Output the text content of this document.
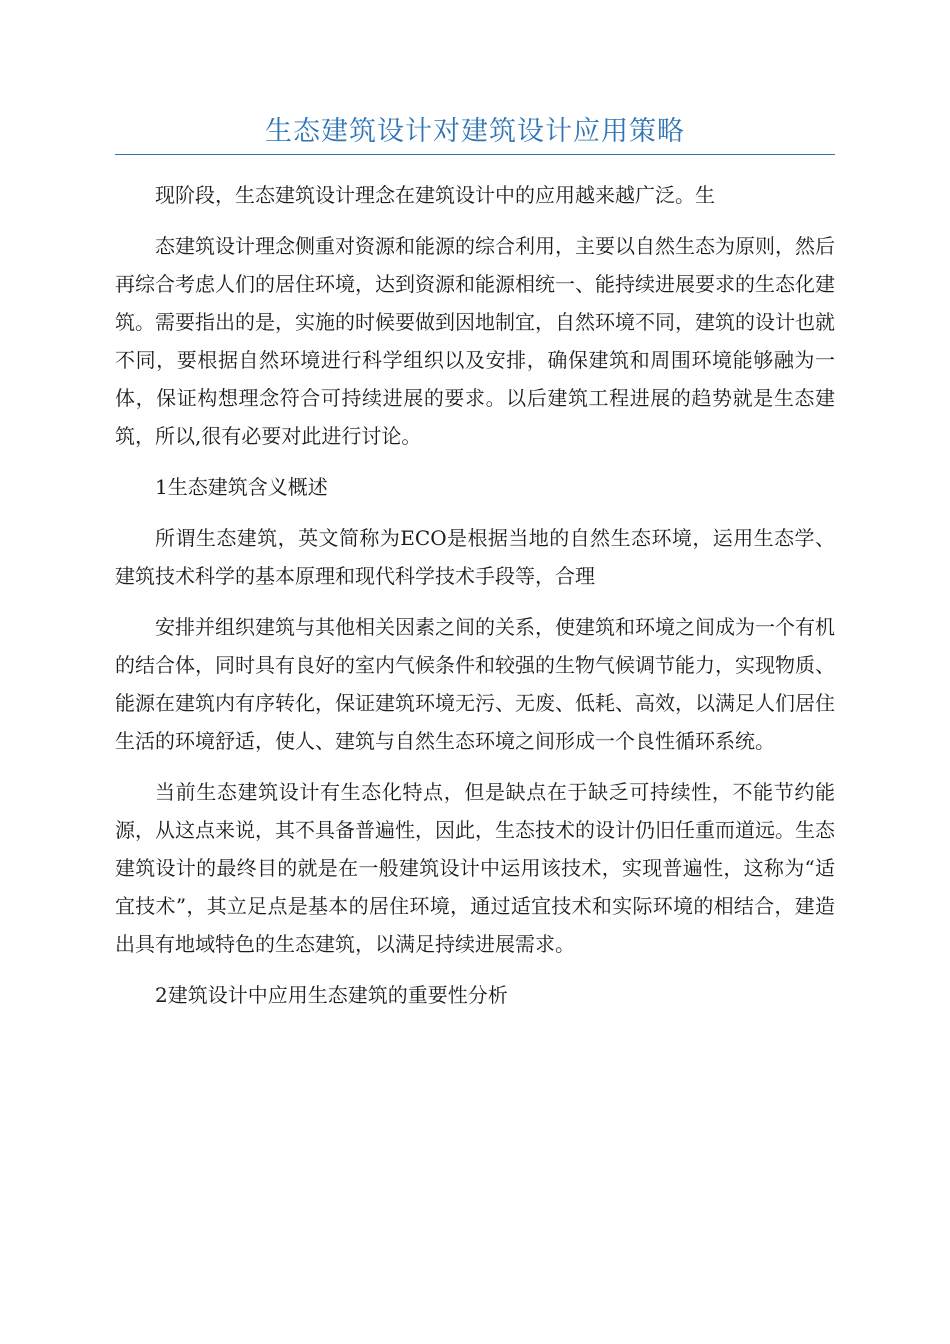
生态建筑设计对建筑设计应用策略

现阶段，生态建筑设计理念在建筑设计中的应用越来越广泛。生

态建筑设计理念侧重对资源和能源的综合利用，主要以自然生态为原则，然后再综合考虑人们的居住环境，达到资源和能源相统一、能持续进展要求的生态化建筑。需要指出的是，实施的时候要做到因地制宜，自然环境不同，建筑的设计也就不同，要根据自然环境进行科学组织以及安排，确保建筑和周围环境能够融为一体，保证构想理念符合可持续进展的要求。以后建筑工程进展的趋势就是生态建筑，所以,很有必要对此进行讨论。

1生态建筑含义概述

所谓生态建筑，英文简称为ECO是根据当地的自然生态环境，运用生态学、建筑技术科学的基本原理和现代科学技术手段等，合理

安排并组织建筑与其他相关因素之间的关系，使建筑和环境之间成为一个有机的结合体，同时具有良好的室内气候条件和较强的生物气候调节能力，实现物质、能源在建筑内有序转化，保证建筑环境无污、无废、低耗、高效，以满足人们居住生活的环境舒适，使人、建筑与自然生态环境之间形成一个良性循环系统。

当前生态建筑设计有生态化特点，但是缺点在于缺乏可持续性，不能节约能源，从这点来说，其不具备普遍性，因此，生态技术的设计仍旧任重而道远。生态建筑设计的最终目的就是在一般建筑设计中运用该技术，实现普遍性，这称为“适宜技术”，其立足点是基本的居住环境，通过适宜技术和实际环境的相结合，建造出具有地域特色的生态建筑，以满足持续进展需求。

2建筑设计中应用生态建筑的重要性分析
